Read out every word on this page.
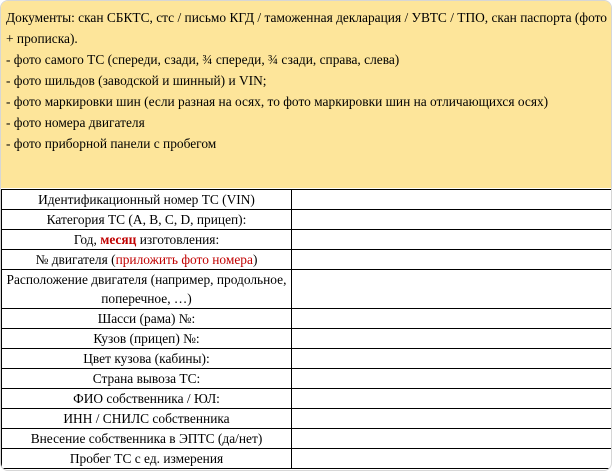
Документы: скан СБКТС, стс / письмо КГД / таможенная декларация / УВТС / ТПО, скан паспорта (фото + прописка).
- фото самого ТС (спереди, сзади, ¾ спереди, ¾ сзади, справа, слева)
- фото шильдов (заводской и шинный) и VIN;
- фото маркировки шин (если разная на осях, то фото маркировки шин на отличающихся осях)
- фото номера двигателя
- фото приборной панели с пробегом
Идентификационный номер ТС (VIN)	
Категория ТС (A, B, C, D, прицеп):	
Год, месяц изготовления:	
№ двигателя (приложить фото номера)	
Расположение двигателя (например, продольное, поперечное, …)	
Шасси (рама) №:	
Кузов (прицеп) №:	
Цвет кузова (кабины):	
Страна вывоза ТС:	
ФИО собственника / ЮЛ:	
ИНН / СНИЛС собственника	
Внесение собственника в ЭПТС (да/нет)	
Пробег ТС с ед. измерения	
